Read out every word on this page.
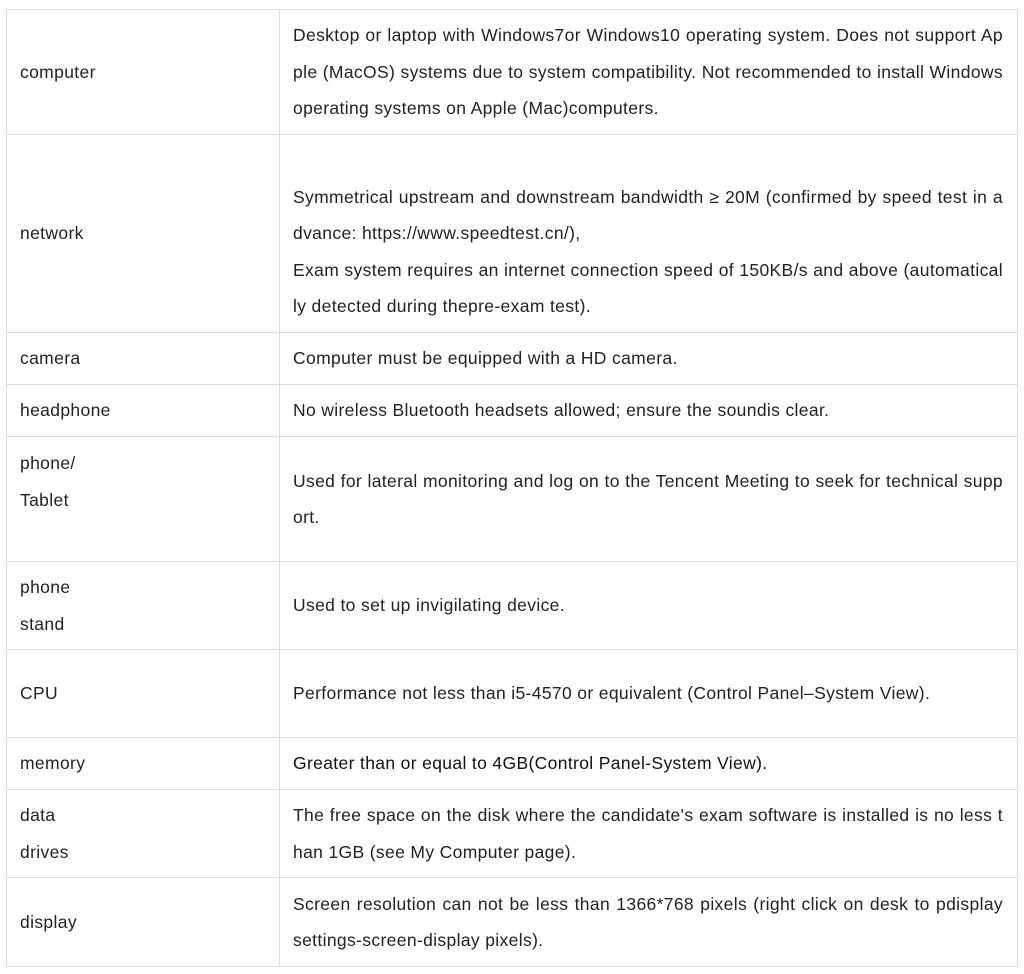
computer	Desktop or laptop with Windows7or Windows10 operating system. Does not support Apple (MacOS) systems due to system compatibility. Not recommended to install Windows operating systems on Apple (Mac)computers.

network	Symmetrical upstream and downstream bandwidth ≥ 20M (confirmed by speed test in advance: https://www.speedtest.cn/),
Exam system requires an internet connection speed of 150KB/s and above (automatically detected during thepre-exam test).

camera	Computer must be equipped with a HD camera.

headphone	No wireless Bluetooth headsets allowed; ensure the soundis clear.

phone/
Tablet	Used for lateral monitoring and log on to the Tencent Meeting to seek for technical support.

phone
stand	Used to set up invigilating device.

CPU	Performance not less than i5-4570 or equivalent (Control Panel–System View).

memory	Greater than or equal to 4GB(Control Panel-System View).

data
drives	The free space on the disk where the candidate's exam software is installed is no less than 1GB (see My Computer page).

display	Screen resolution can not be less than 1366*768 pixels (right click on desk to pdisplay settings-screen-display pixels).
